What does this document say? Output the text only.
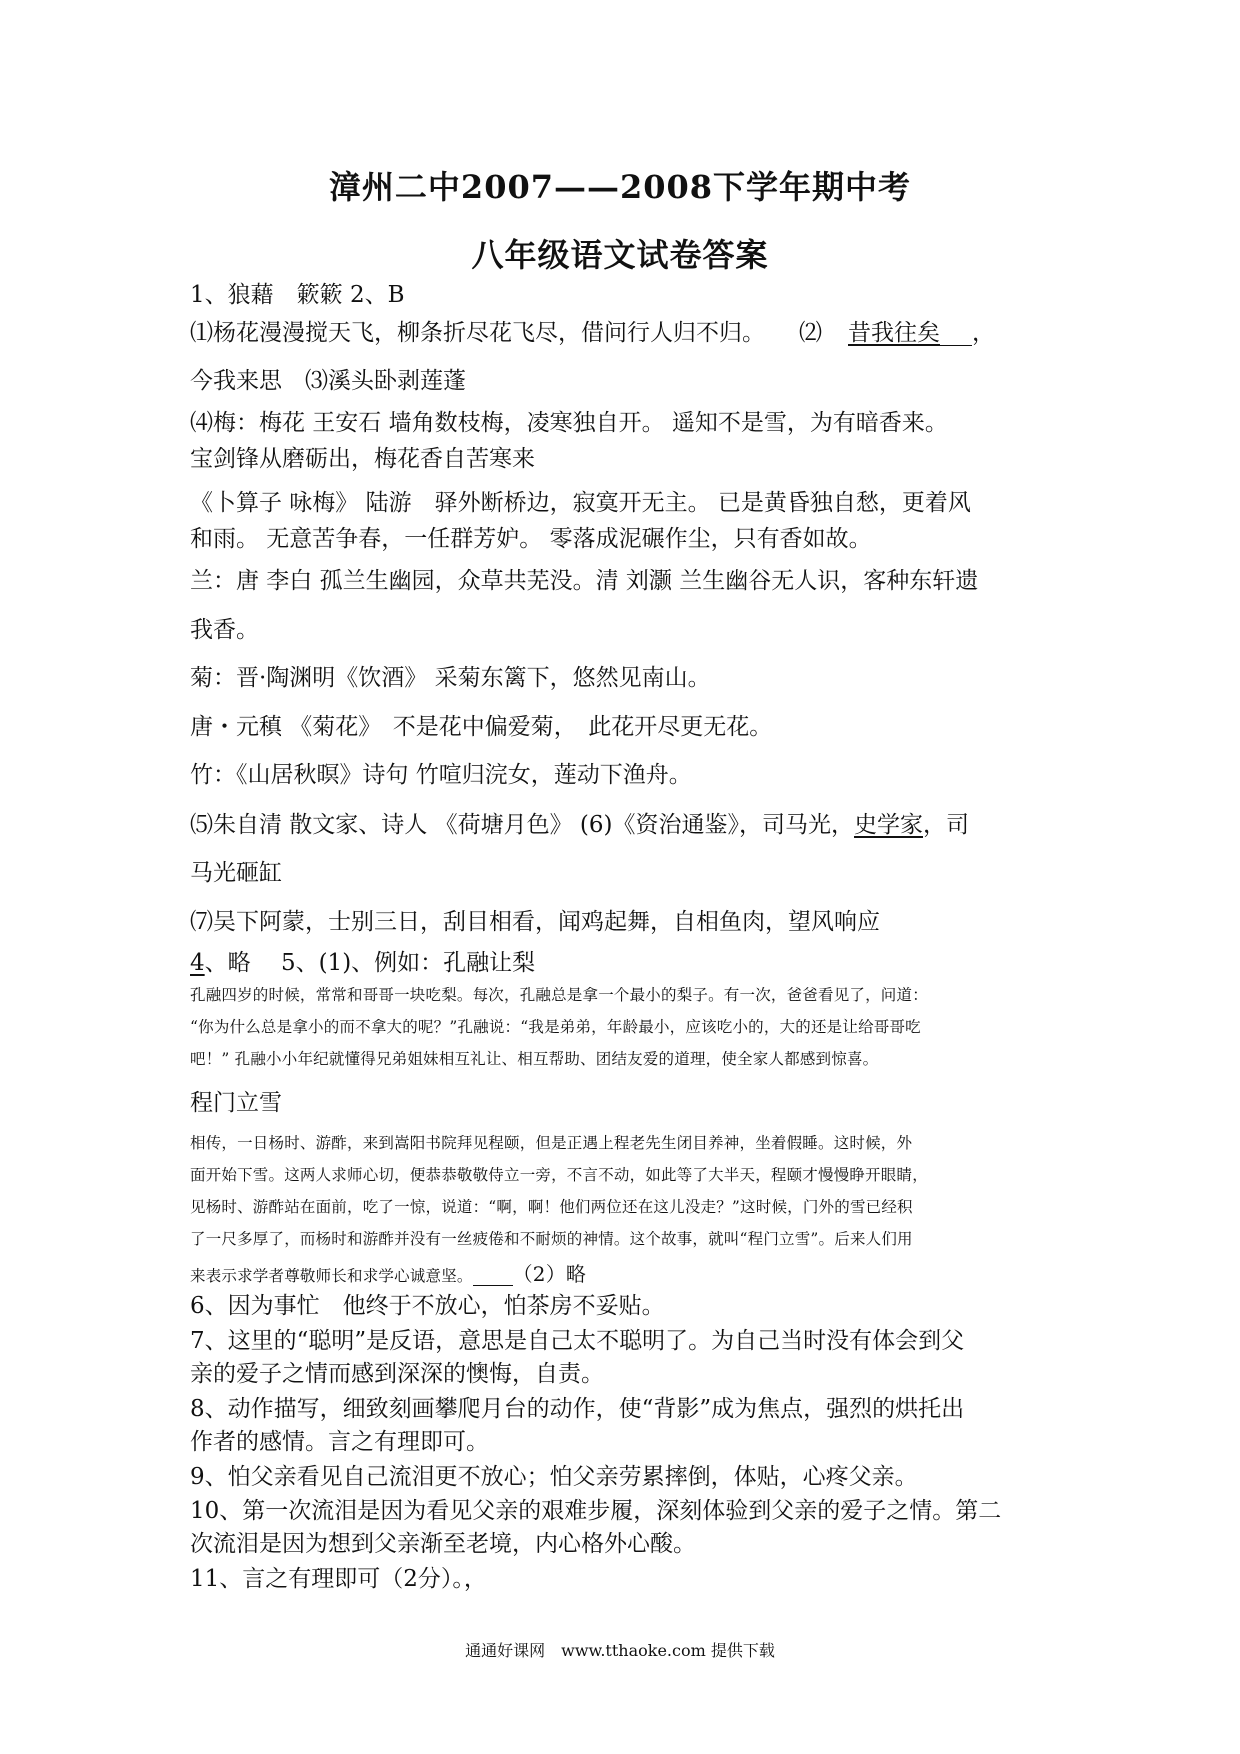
漳州二中2007——2008下学年期中考
八年级语文试卷答案
1、狼藉　簌簌 2、B
⑴杨花漫漫搅天飞，柳条折尽花飞尽，借问行人归不归。 ⑵ 昔我往矣 ，
今我来思　⑶溪头卧剥莲蓬
⑷梅：梅花 王安石 墙角数枝梅，凌寒独自开。 遥知不是雪，为有暗香来。
宝剑锋从磨砺出，梅花香自苦寒来
《卜算子 咏梅》 陆游　驿外断桥边，寂寞开无主。 已是黄昏独自愁，更着风
和雨。 无意苦争春，一任群芳妒。 零落成泥碾作尘，只有香如故。
兰：唐 李白 孤兰生幽园，众草共芜没。清 刘灏 兰生幽谷无人识，客种东轩遗
我香。
菊：晋·陶渊明《饮酒》 采菊东篱下，悠然见南山。
唐・元稹 《菊花》　不是花中偏爱菊，　此花开尽更无花。
竹：《山居秋暝》诗句 竹喧归浣女，莲动下渔舟。
⑸朱自清 散文家、诗人 《荷塘月色》 (6)《资治通鉴》，司马光，史学家，司
马光砸缸
⑺吴下阿蒙，士别三日，刮目相看，闻鸡起舞，自相鱼肉，望风响应
4、略　 5、(1)、例如：孔融让梨
孔融四岁的时候，常常和哥哥一块吃梨。每次，孔融总是拿一个最小的梨子。有一次，爸爸看见了，问道：
“你为什么总是拿小的而不拿大的呢？”孔融说：“我是弟弟，年龄最小，应该吃小的，大的还是让给哥哥吃
吧！” 孔融小小年纪就懂得兄弟姐妹相互礼让、相互帮助、团结友爱的道理，使全家人都感到惊喜。
程门立雪
相传，一日杨时、游酢，来到嵩阳书院拜见程颐，但是正遇上程老先生闭目养神，坐着假睡。这时候，外
面开始下雪。这两人求师心切，便恭恭敬敬侍立一旁，不言不动，如此等了大半天，程颐才慢慢睁开眼睛，
见杨时、游酢站在面前，吃了一惊，说道：“啊，啊！他们两位还在这儿没走？”这时候，门外的雪已经积
了一尺多厚了，而杨时和游酢并没有一丝疲倦和不耐烦的神情。这个故事，就叫“程门立雪”。后来人们用
来表示求学者尊敬师长和求学心诚意坚。 （2）略
6、因为事忙　他终于不放心，怕茶房不妥贴。
7、这里的“聪明”是反语，意思是自己太不聪明了。为自己当时没有体会到父
亲的爱子之情而感到深深的懊悔，自责。
8、动作描写，细致刻画攀爬月台的动作，使“背影”成为焦点，强烈的烘托出
作者的感情。言之有理即可。
9、怕父亲看见自己流泪更不放心；怕父亲劳累摔倒，体贴，心疼父亲。
10、第一次流泪是因为看见父亲的艰难步履，深刻体验到父亲的爱子之情。第二
次流泪是因为想到父亲渐至老境，内心格外心酸。
11、言之有理即可（2分）。，
通通好课网　www.tthaoke.com 提供下载
